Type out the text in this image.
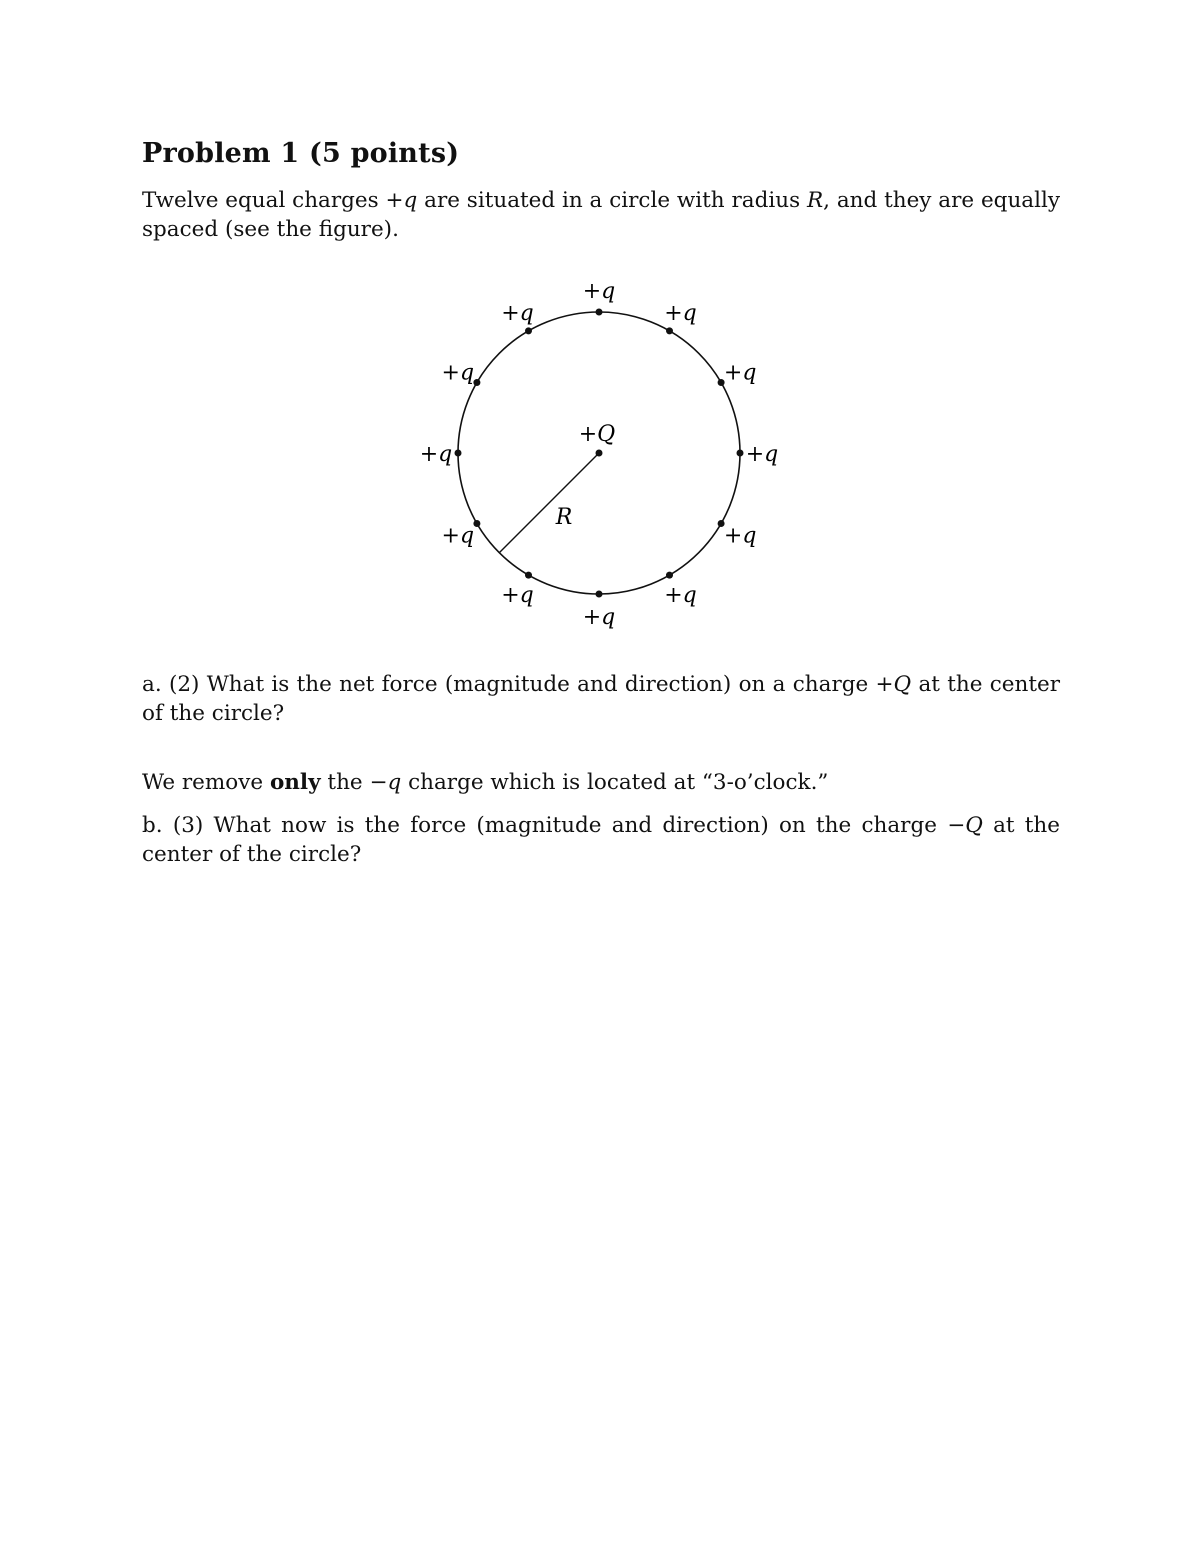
Problem 1 (5 points)

Twelve equal charges +q are situated in a circle with radius R, and they are equally spaced (see the figure).

+Q
R
+q
+q
+q
+q
+q
+q
+q
+q
+q
+q
+q
+q

a. (2) What is the net force (magnitude and direction) on a charge +Q at the center of the circle?

We remove only the −q charge which is located at “3-o’clock.”

b. (3) What now is the force (magnitude and direction) on the charge −Q at the center of the circle?
